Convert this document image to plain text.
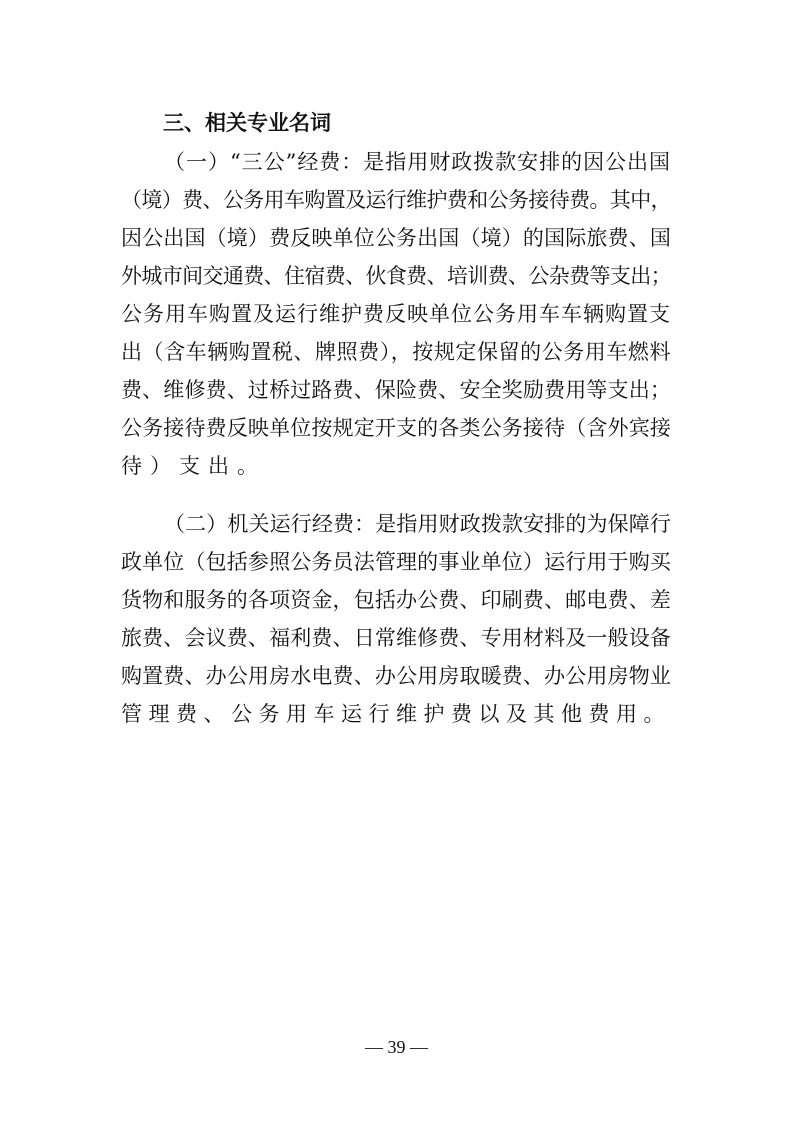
三、相关专业名词
（一）“三公”经费：是指用财政拨款安排的因公出国
（境）费、公务用车购置及运行维护费和公务接待费。其中，
因公出国（境）费反映单位公务出国（境）的国际旅费、国
外城市间交通费、住宿费、伙食费、培训费、公杂费等支出；
公务用车购置及运行维护费反映单位公务用车车辆购置支
出（含车辆购置税、牌照费），按规定保留的公务用车燃料
费、维修费、过桥过路费、保险费、安全奖励费用等支出；
公务接待费反映单位按规定开支的各类公务接待（含外宾接
待）支出。
（二）机关运行经费：是指用财政拨款安排的为保障行
政单位（包括参照公务员法管理的事业单位）运行用于购买
货物和服务的各项资金，包括办公费、印刷费、邮电费、差
旅费、会议费、福利费、日常维修费、专用材料及一般设备
购置费、办公用房水电费、办公用房取暖费、办公用房物业
管理费、公务用车运行维护费以及其他费用。
— 39 —
